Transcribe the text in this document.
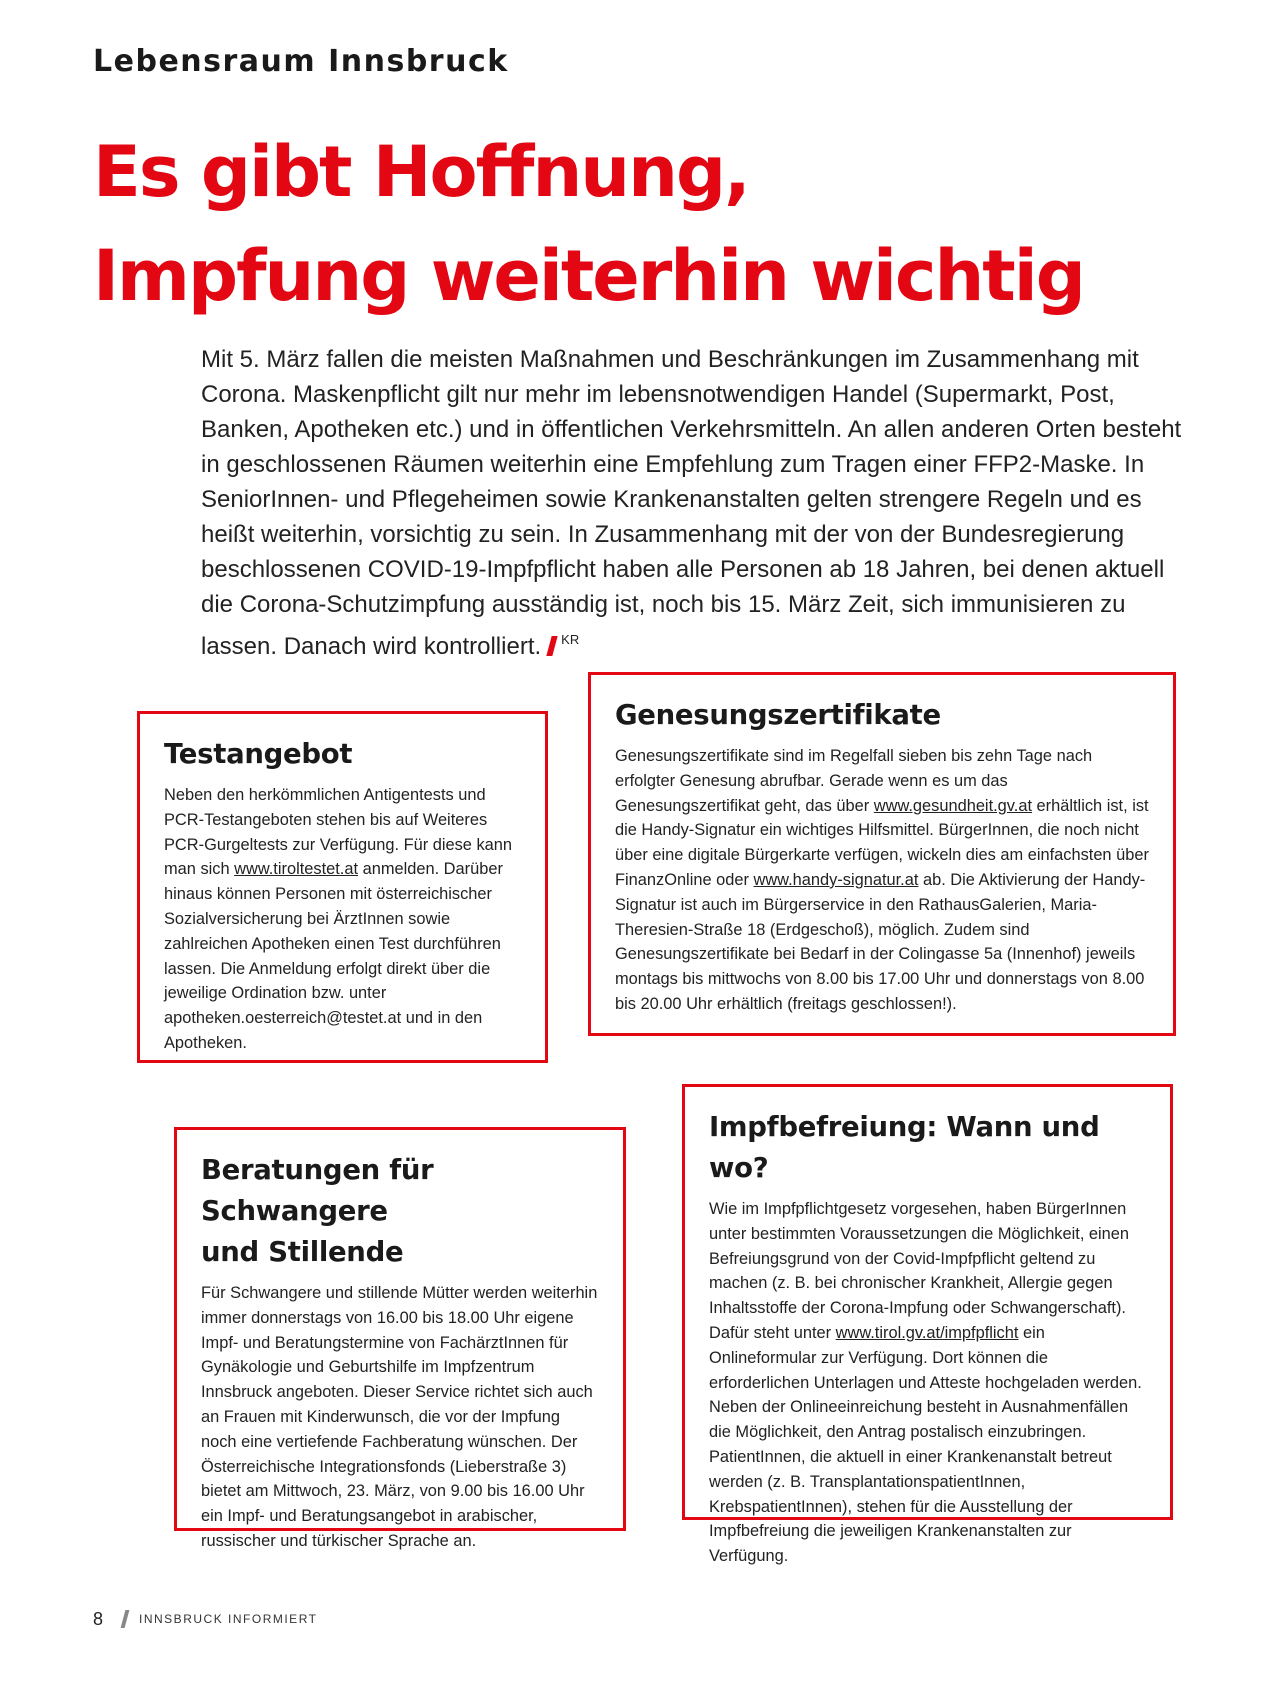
Lebensraum Innsbruck
Es gibt Hoffnung,
Impfung weiterhin wichtig

Mit 5. März fallen die meisten Maßnahmen und Beschränkungen im Zusammenhang mit Corona. Maskenpflicht gilt nur mehr im lebensnotwendigen Handel (Supermarkt, Post, Banken, Apotheken etc.) und in öffentlichen Verkehrsmitteln. An allen anderen Orten besteht in geschlossenen Räumen weiterhin eine Empfehlung zum Tragen einer FFP2-Maske. In SeniorInnen- und Pflegeheimen sowie Krankenanstalten gelten strengere Regeln und es heißt weiterhin, vorsichtig zu sein. In Zusammenhang mit der von der Bundesregierung beschlossenen COVID-19-Impfpflicht haben alle Personen ab 18 Jahren, bei denen aktuell die Corona-Schutzimpfung ausständig ist, noch bis 15. März Zeit, sich immunisieren zu lassen. Danach wird kontrolliert. $^{KR}$

Testangebot

Neben den herkömmlichen Antigentests und PCR-Testangeboten stehen bis auf Weiteres PCR-Gurgeltests zur Verfügung. Für diese kann man sich www.tiroltestet.at anmelden. Darüber hinaus können Personen mit österreichischer Sozialversicherung bei ÄrztInnen sowie zahlreichen Apotheken einen Test durchführen lassen. Die Anmeldung erfolgt direkt über die jeweilige Ordination bzw. unter apotheken.oesterreich@testet.at und in den Apotheken.

Genesungszertifikate

Genesungszertifikate sind im Regelfall sieben bis zehn Tage nach erfolgter Genesung abrufbar. Gerade wenn es um das Genesungszertifikat geht, das über www.gesundheit.gv.at erhältlich ist, ist die Handy-Signatur ein wichtiges Hilfsmittel. BürgerInnen, die noch nicht über eine digitale Bürgerkarte verfügen, wickeln dies am einfachsten über FinanzOnline oder www.handy-signatur.at ab. Die Aktivierung der Handy-Signatur ist auch im Bürgerservice in den RathausGalerien, Maria-Theresien-Straße 18 (Erdgeschoß), möglich. Zudem sind Genesungszertifikate bei Bedarf in der Colingasse 5a (Innenhof) jeweils montags bis mittwochs von 8.00 bis 17.00 Uhr und donnerstags von 8.00 bis 20.00 Uhr erhältlich (freitags geschlossen!).

Beratungen für Schwangere
und Stillende

Für Schwangere und stillende Mütter werden weiterhin immer donnerstags von 16.00 bis 18.00 Uhr eigene Impf- und Beratungstermine von FachärztInnen für Gynäkologie und Geburtshilfe im Impfzentrum Innsbruck angeboten. Dieser Service richtet sich auch an Frauen mit Kinderwunsch, die vor der Impfung noch eine vertiefende Fachberatung wünschen. Der Österreichische Integrationsfonds (Lieberstraße 3) bietet am Mittwoch, 23. März, von 9.00 bis 16.00 Uhr ein Impf- und Beratungsangebot in arabischer, russischer und türkischer Sprache an.

Impfbefreiung: Wann und wo?

Wie im Impfpflichtgesetz vorgesehen, haben BürgerInnen unter bestimmten Voraussetzungen die Möglichkeit, einen Befreiungsgrund von der Covid-Impfpflicht geltend zu machen (z. B. bei chronischer Krankheit, Allergie gegen Inhaltsstoffe der Corona-Impfung oder Schwangerschaft). Dafür steht unter www.tirol.gv.at/impfpflicht ein Onlineformular zur Verfügung. Dort können die erforderlichen Unterlagen und Atteste hochgeladen werden. Neben der Onlineeinreichung besteht in Ausnahmenfällen die Möglichkeit, den Antrag postalisch einzubringen. PatientInnen, die aktuell in einer Krankenanstalt betreut werden (z. B. TransplantationspatientInnen, KrebspatientInnen), stehen für die Ausstellung der Impfbefreiung die jeweiligen Krankenanstalten zur Verfügung.

8	INNSBRUCK INFORMIERT
